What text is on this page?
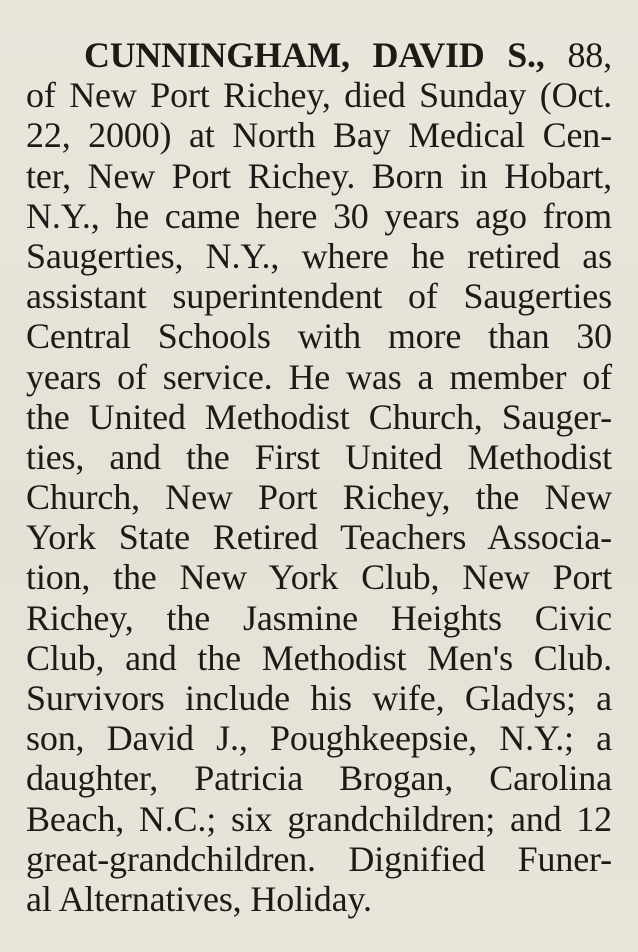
CUNNINGHAM, DAVID S., 88,
of New Port Richey, died Sunday (Oct.
22, 2000) at North Bay Medical Cen-
ter, New Port Richey. Born in Hobart,
N.Y., he came here 30 years ago from
Saugerties, N.Y., where he retired as
assistant superintendent of Saugerties
Central Schools with more than 30
years of service. He was a member of
the United Methodist Church, Sauger-
ties, and the First United Methodist
Church, New Port Richey, the New
York State Retired Teachers Associa-
tion, the New York Club, New Port
Richey, the Jasmine Heights Civic
Club, and the Methodist Men's Club.
Survivors include his wife, Gladys; a
son, David J., Poughkeepsie, N.Y.; a
daughter, Patricia Brogan, Carolina
Beach, N.C.; six grandchildren; and 12
great-grandchildren. Dignified Funer-
al Alternatives, Holiday.
